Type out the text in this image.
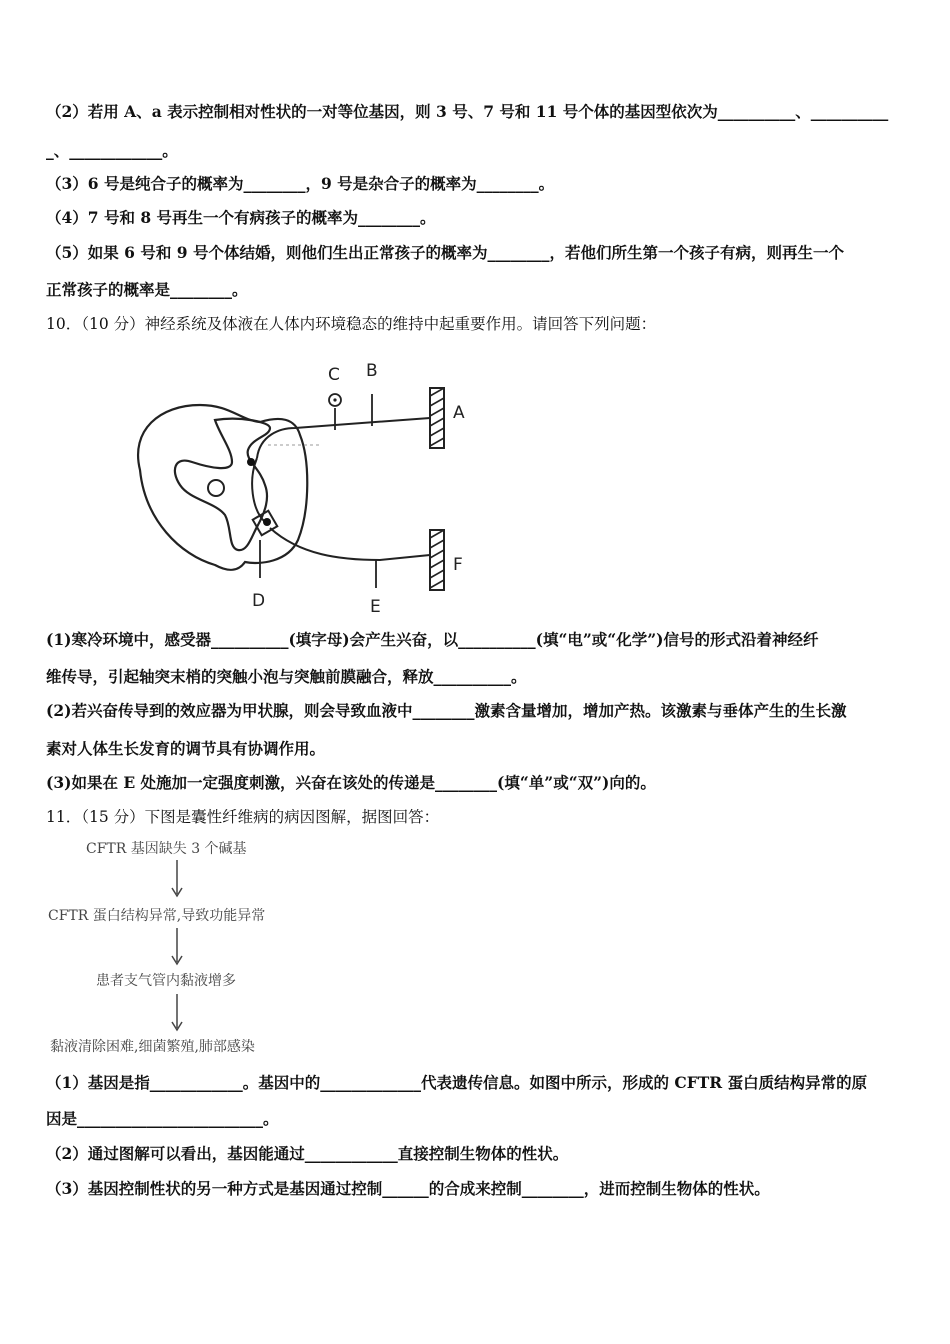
（2）若用 A、a 表示控制相对性状的一对等位基因，则 3 号、7 号和 11 号个体的基因型依次为__________、__________
_、____________。
（3）6 号是纯合子的概率为________，9 号是杂合子的概率为________。
（4）7 号和 8 号再生一个有病孩子的概率为________。
（5）如果 6 号和 9 号个体结婚，则他们生出正常孩子的概率为________，若他们所生第一个孩子有病，则再生一个
正常孩子的概率是________。
10．（10 分）神经系统及体液在人体内环境稳态的维持中起重要作用。请回答下列问题：
C B
A
D	E
F
(1)寒冷环境中，感受器__________(填字母)会产生兴奋，以__________(填“电”或“化学”)信号的形式沿着神经纤
维传导，引起轴突末梢的突触小泡与突触前膜融合，释放__________。
(2)若兴奋传导到的效应器为甲状腺，则会导致血液中________激素含量增加，增加产热。该激素与垂体产生的生长激
素对人体生长发育的调节具有协调作用。
(3)如果在 E 处施加一定强度刺激，兴奋在该处的传递是________(填“单”或“双”)向的。
11．（15 分）下图是囊性纤维病的病因图解，据图回答：
CFTR 基因缺失 3 个碱基
CFTR 蛋白结构异常,导致功能异常
患者支气管内黏液增多
黏液清除困难,细菌繁殖,肺部感染
（1）基因是指____________。基因中的_____________代表遗传信息。如图中所示，形成的 CFTR 蛋白质结构异常的原
因是________________________。
（2）通过图解可以看出，基因能通过____________直接控制生物体的性状。
（3）基因控制性状的另一种方式是基因通过控制______的合成来控制________，进而控制生物体的性状。
